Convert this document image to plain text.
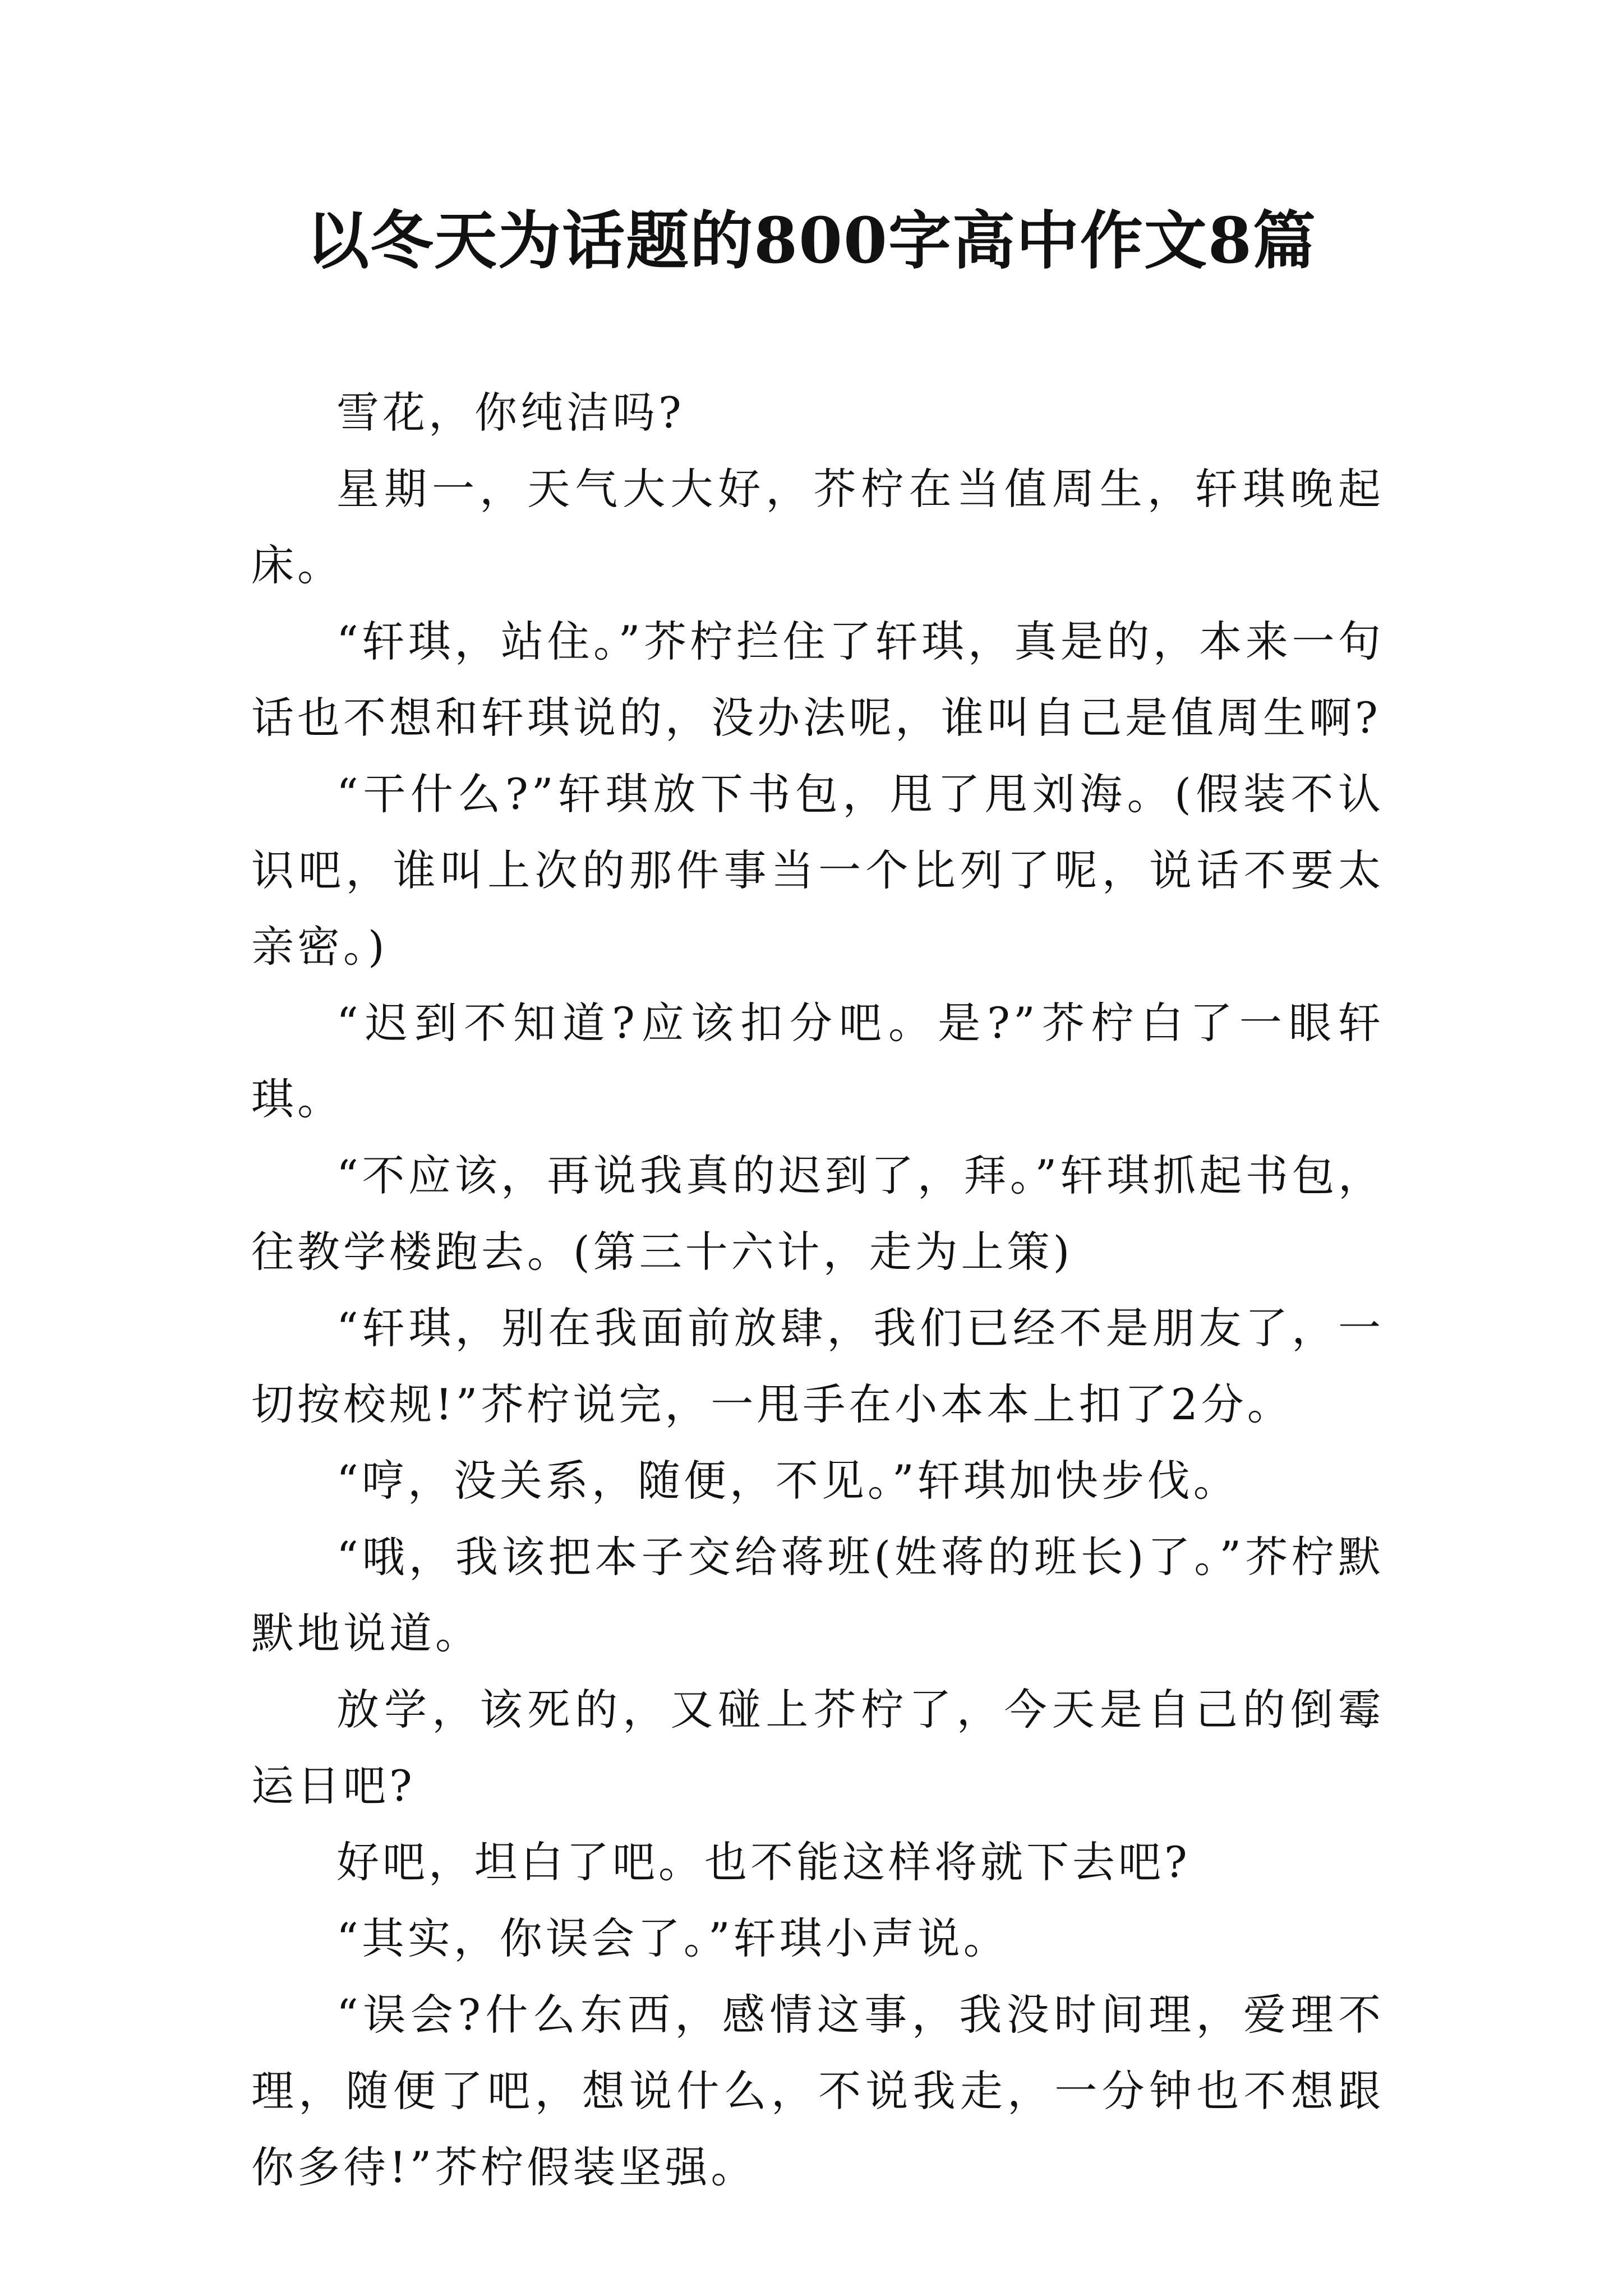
以冬天为话题的800字高中作文8篇

雪花，你纯洁吗?

星期一，天气大大好，芥柠在当值周生，轩琪晚起床。

“轩琪，站住。”芥柠拦住了轩琪，真是的，本来一句话也不想和轩琪说的，没办法呢，谁叫自己是值周生啊?

“干什么?”轩琪放下书包，甩了甩刘海。(假装不认识吧，谁叫上次的那件事当一个比列了呢，说话不要太亲密。)

“迟到不知道?应该扣分吧。是?”芥柠白了一眼轩琪。

“不应该，再说我真的迟到了，拜。”轩琪抓起书包，往教学楼跑去。(第三十六计，走为上策)

“轩琪，别在我面前放肆，我们已经不是朋友了，一切按校规!”芥柠说完，一甩手在小本本上扣了2分。

“哼，没关系，随便，不见。”轩琪加快步伐。

“哦，我该把本子交给蒋班(姓蒋的班长)了。”芥柠默默地说道。

放学，该死的，又碰上芥柠了，今天是自己的倒霉运日吧?

好吧，坦白了吧。也不能这样将就下去吧?

“其实，你误会了。”轩琪小声说。

“误会?什么东西，感情这事，我没时间理，爱理不理，随便了吧，想说什么，不说我走，一分钟也不想跟你多待!”芥柠假装坚强。
